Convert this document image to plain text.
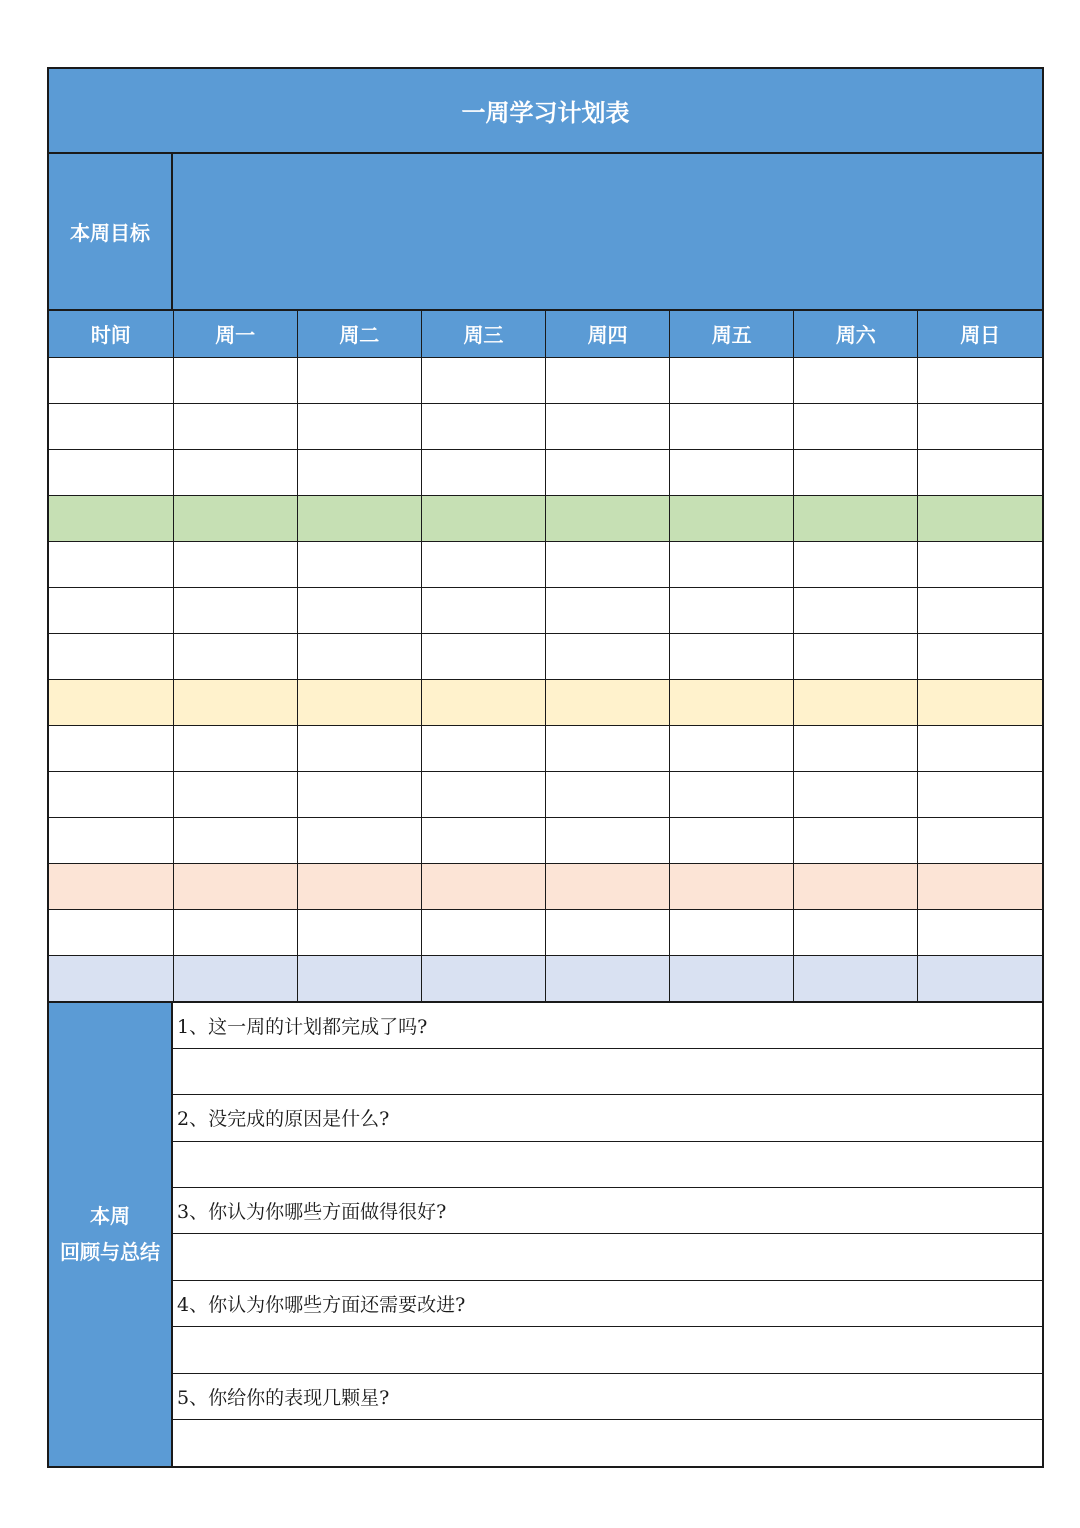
一周学习计划表
本周目标
时间	周一	周二	周三	周四	周五	周六	周日

本周
回顾与总结
1、这一周的计划都完成了吗?
2、没完成的原因是什么?
3、你认为你哪些方面做得很好?
4、你认为你哪些方面还需要改进?
5、你给你的表现几颗星?
